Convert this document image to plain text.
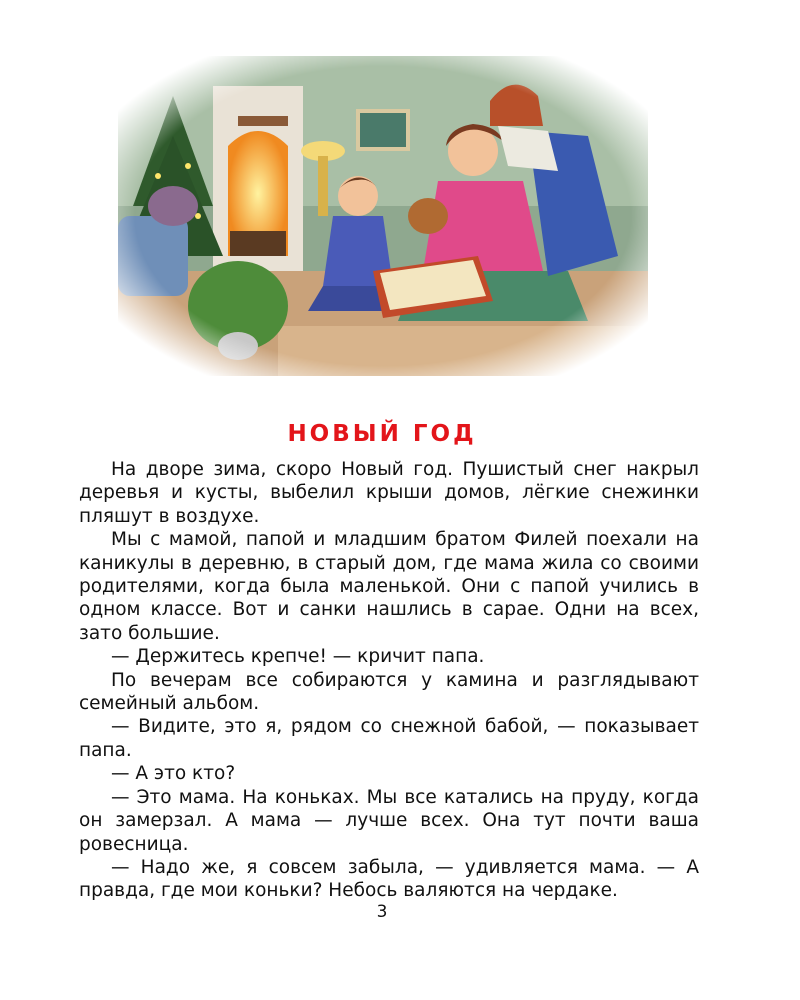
НОВЫЙ ГОД

На дворе зима, скоро Новый год. Пушистый снег накрыл деревья и кусты, выбелил крыши домов, лёгкие снежинки пляшут в воздухе.

Мы с мамой, папой и младшим братом Филей поехали на каникулы в деревню, в старый дом, где мама жила со своими родителями, когда была маленькой. Они с папой учились в одном классе. Вот и санки нашлись в сарае. Одни на всех, зато большие.

— Держитесь крепче! — кричит папа.

По вечерам все собираются у камина и разглядывают семейный альбом.

— Видите, это я, рядом со снежной бабой, — показывает папа.

— А это кто?

— Это мама. На коньках. Мы все катались на пруду, когда он замерзал. А мама — лучше всех. Она тут почти ваша ровесница.

— Надо же, я совсем забыла, — удивляется мама. — А правда, где мои коньки? Небось валяются на чердаке.

3
